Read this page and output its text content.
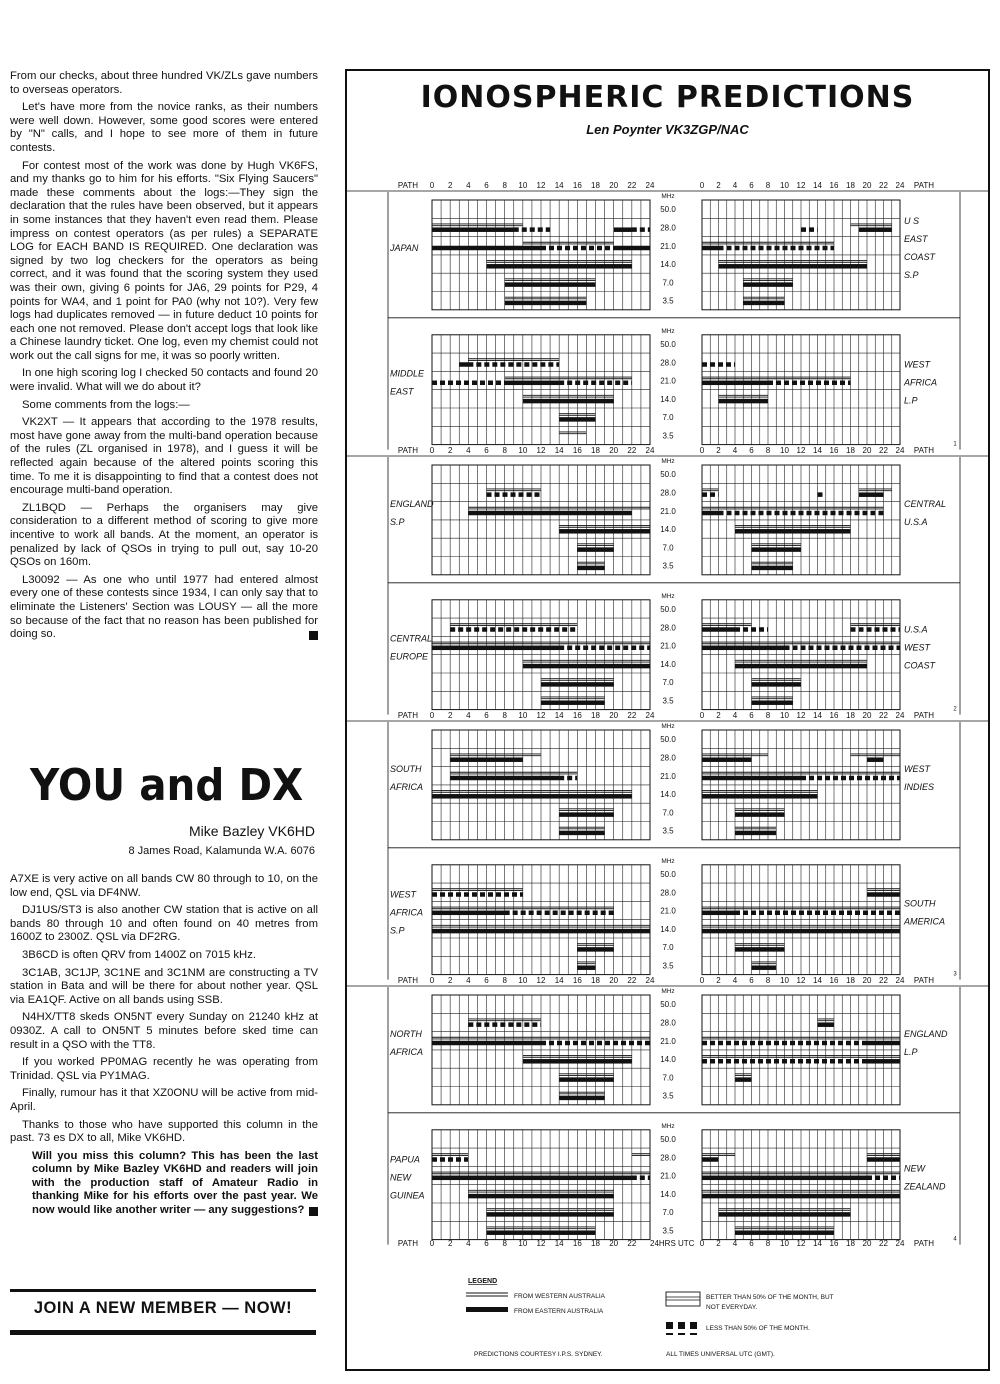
From our checks, about three hundred VK/ZLs gave numbers to overseas operators.

Let's have more from the novice ranks, as their numbers were well down. However, some good scores were entered by "N" calls, and I hope to see more of them in future contests.

For contest most of the work was done by Hugh VK6FS, and my thanks go to him for his efforts. "Six Flying Saucers" made these comments about the logs:—They sign the declaration that the rules have been observed, but it appears in some instances that they haven't even read them. Please impress on contest operators (as per rules) a SEPARATE LOG for EACH BAND IS REQUIRED. One declaration was signed by two log checkers for the operators as being correct, and it was found that the scoring system they used was their own, giving 6 points for JA6, 29 points for P29, 4 points for WA4, and 1 point for PA0 (why not 10?). Very few logs had duplicates removed — in future deduct 10 points for each one not removed. Please don't accept logs that look like a Chinese laundry ticket. One log, even my chemist could not work out the call signs for me, it was so poorly written.

In one high scoring log I checked 50 contacts and found 20 were invalid. What will we do about it?

Some comments from the logs:—

VK2XT — It appears that according to the 1978 results, most have gone away from the multi-band operation because of the rules (ZL organised in 1978), and I guess it will be reflected again because of the altered points scoring this time. To me it is disappointing to find that a contest does not encourage multi-band operation.

ZL1BQD — Perhaps the organisers may give consideration to a different method of scoring to give more incentive to work all bands. At the moment, an operator is penalized by lack of QSOs in trying to pull out, say 10-20 QSOs on 160m.

L30092 — As one who until 1977 had entered almost every one of these contests since 1934, I can only say that to eliminate the Listeners' Section was LOUSY — all the more so because of the fact that no reason has been published for doing so.

YOU and DX
Mike Bazley VK6HD
8 James Road, Kalamunda W.A. 6076

A7XE is very active on all bands CW 80 through to 10, on the low end, QSL via DF4NW.

DJ1US/ST3 is also another CW station that is active on all bands 80 through 10 and often found on 40 metres from 1600Z to 2300Z. QSL via DF2RG.

3B6CD is often QRV from 1400Z on 7015 kHz.

3C1AB, 3C1JP, 3C1NE and 3C1NM are constructing a TV station in Bata and will be there for about nother year. QSL via EA1QF. Active on all bands using SSB.

N4HX/TT8 skeds ON5NT every Sunday on 21240 kHz at 0930Z. A call to ON5NT 5 minutes before sked time can result in a QSO with the TT8.

If you worked PP0MAG recently he was operating from Trinidad. QSL via PY1MAG.

Finally, rumour has it that XZ0ONU will be active from mid-April.

Thanks to those who have supported this column in the past. 73 es DX to all, Mike VK6HD.

Will you miss this column? This has been the last column by Mike Bazley VK6HD and readers will join with the production staff of Amateur Radio in thanking Mike for his efforts over the past year. We now would like another writer — any suggestions?

JOIN A NEW MEMBER — NOW!
IONOSPHERIC PREDICTIONS
Len Poynter VK3ZGP/NAC
PATH 0	0
2	2
4	4
6	6
8	8
10	10
12	12
14	14
16	16
18	18
20	20
22	22
24	24 PATH
MHz
50.0
28.0
21.0
14.0
7.0
3.5
JAPAN
U S
EAST
COAST
S.P
MHz
50.0
28.0
21.0
14.0
7.0
3.5
MIDDLE
EAST
WEST
AFRICA
L.P
1
PATH 0	0
2	2
4	4
6	6
8	8
10	10
12	12
14	14
16	16
18	18
20	20
22	22
24	24 PATH
MHz
50.0
28.0
21.0
14.0
7.0
3.5
ENGLAND
S.P
CENTRAL
U.S.A
MHz
50.0
28.0
21.0
14.0
7.0
3.5
CENTRAL
EUROPE
U.S.A
WEST
COAST
2
PATH 0	0
2	2
4	4
6	6
8	8
10	10
12	12
14	14
16	16
18	18
20	20
22	22
24	24 PATH
MHz
50.0
28.0
21.0
14.0
7.0
3.5
SOUTH
AFRICA
WEST
INDIES
MHz
50.0
28.0
21.0
14.0
7.0
3.5
WEST
AFRICA
S.P
SOUTH
AMERICA
3
PATH 0	0
2	2
4	4
6	6
8	8
10	10
12	12
14	14
16	16
18	18
20	20
22	22
24	24 PATH
MHz
50.0
28.0
21.0
14.0
7.0
3.5
NORTH
AFRICA
ENGLAND
L.P
MHz
50.0
28.0
21.0
14.0
7.0
3.5
PAPUA
NEW
GUINEA
NEW
ZEALAND
4
PATH 0	0
2	2
4	4
6	6
8	8
10	10
12	12
14	14
16	16
18	18
20	20
22	22
24HRS UTC	24 PATH
LEGEND
FROM WESTERN AUSTRALIA
FROM EASTERN AUSTRALIA
BETTER THAN 50% OF THE MONTH, BUT
NOT EVERYDAY.
LESS THAN 50% OF THE MONTH.
PREDICTIONS COURTESY I.P.S. SYDNEY.	ALL TIMES UNIVERSAL UTC (GMT).
